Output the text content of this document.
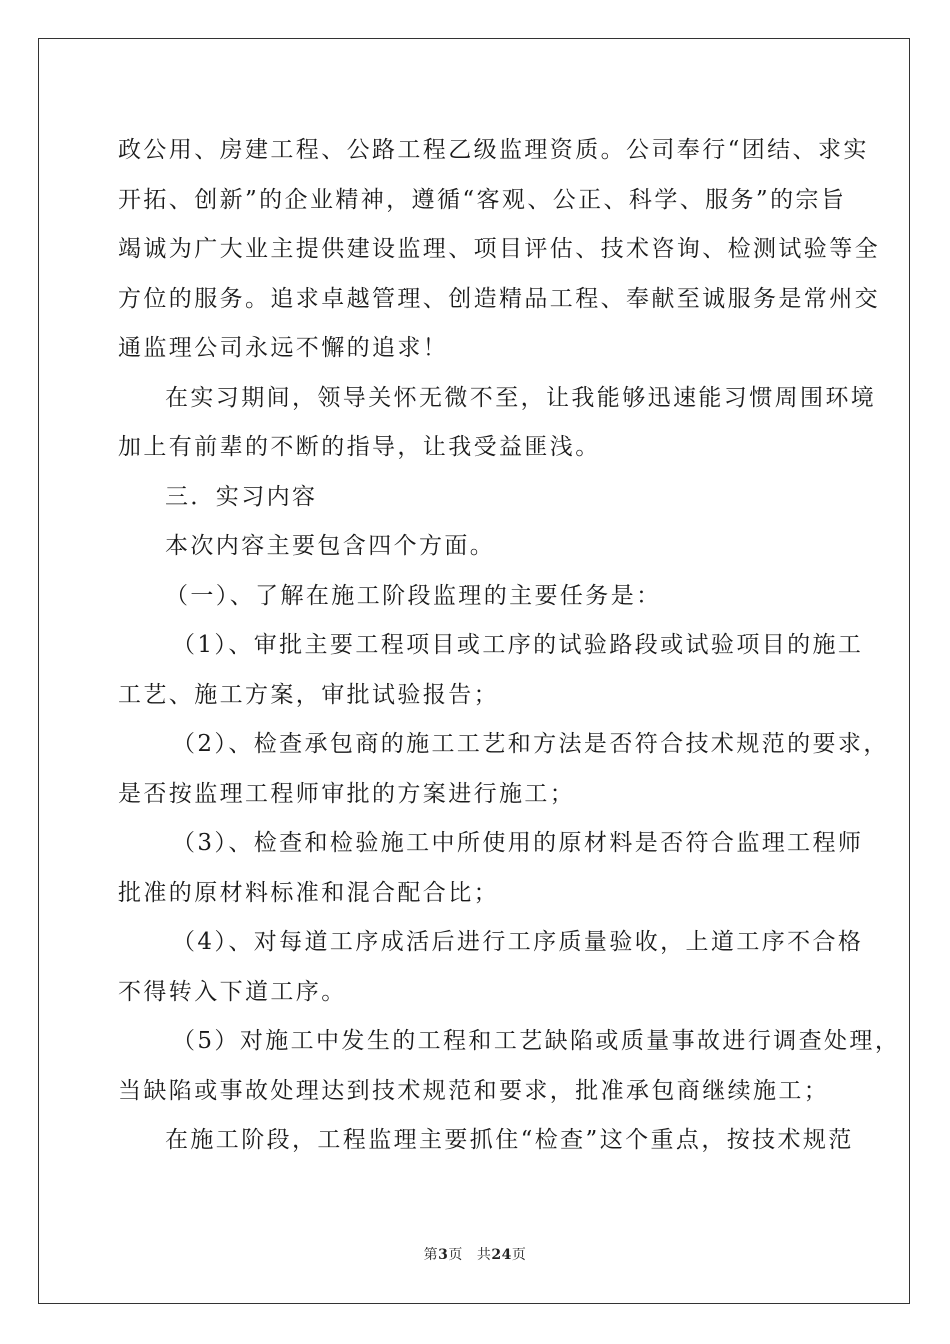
政公用、房建工程、公路工程乙级监理资质。公司奉行“团结、求实
开拓、创新”的企业精神，遵循“客观、公正、科学、服务”的宗旨
竭诚为广大业主提供建设监理、项目评估、技术咨询、检测试验等全
方位的服务。追求卓越管理、创造精品工程、奉献至诚服务是常州交
通监理公司永远不懈的追求！
在实习期间，领导关怀无微不至，让我能够迅速能习惯周围环境
加上有前辈的不断的指导，让我受益匪浅。
三．实习内容
本次内容主要包含四个方面。
（一）、了解在施工阶段监理的主要任务是：
（1）、审批主要工程项目或工序的试验路段或试验项目的施工
工艺、施工方案，审批试验报告；
（2）、检查承包商的施工工艺和方法是否符合技术规范的要求，
是否按监理工程师审批的方案进行施工；
（3）、检查和检验施工中所使用的原材料是否符合监理工程师
批准的原材料标准和混合配合比；
（4）、对每道工序成活后进行工序质量验收，上道工序不合格
不得转入下道工序。
（5）对施工中发生的工程和工艺缺陷或质量事故进行调查处理，
当缺陷或事故处理达到技术规范和要求，批准承包商继续施工；
在施工阶段，工程监理主要抓住“检查”这个重点，按技术规范
第3页 共24页
